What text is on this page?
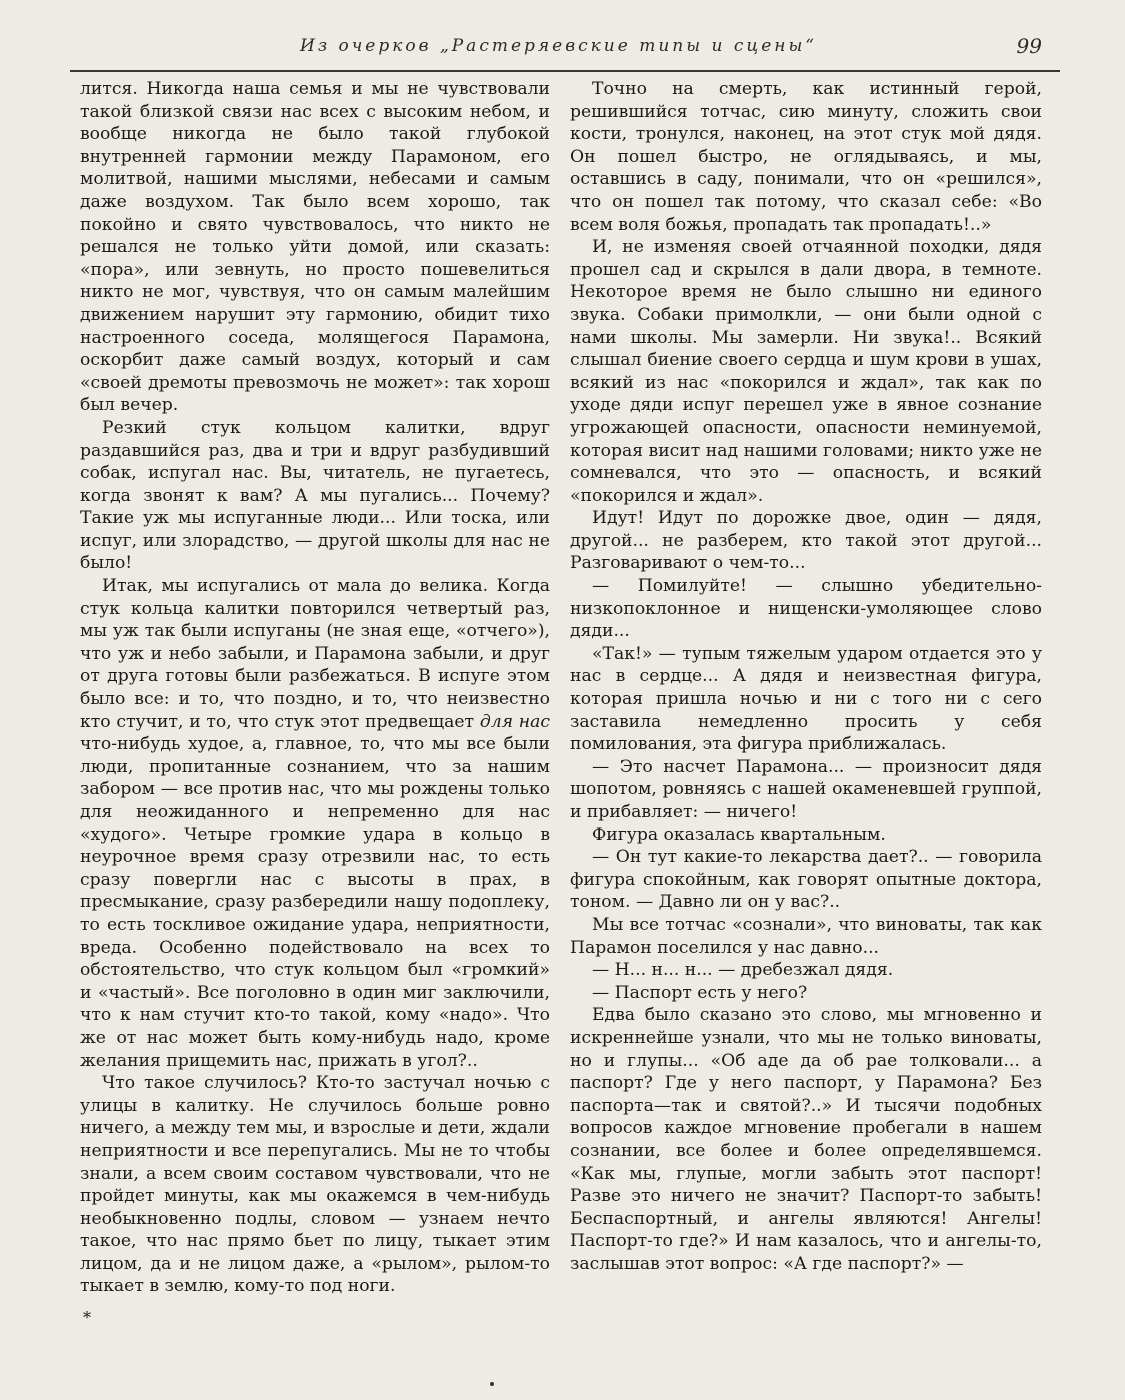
Из очерков „Растеряевские типы и сцены“	99

лится. Никогда наша семья и мы не чувствовали такой близкой связи нас всех с высоким небом, и вообще никогда не было такой глубокой внутренней гармонии между Парамоном, его молитвой, нашими мыслями, небесами и самым даже воздухом. Так было всем хорошо, так покойно и свято чувствовалось, что никто не решался не только уйти домой, или сказать: «пора», или зевнуть, но просто пошевелиться никто не мог, чувствуя, что он самым малейшим движением нарушит эту гармонию, обидит тихо настроенного соседа, молящегося Парамона, оскорбит даже самый воздух, который и сам «своей дремоты превозмочь не может»: так хорош был вечер.

Резкий стук кольцом калитки, вдруг раздавшийся раз, два и три и вдруг разбудивший собак, испугал нас. Вы, читатель, не пугаетесь, когда звонят к вам? А мы пугались... Почему? Такие уж мы испуганные люди... Или тоска, или испуг, или злорадство, — другой школы для нас не было!

Итак, мы испугались от мала до велика. Когда стук кольца калитки повторился четвертый раз, мы уж так были испуганы (не зная еще, «отчего»), что уж и небо забыли, и Парамона забыли, и друг от друга готовы были разбежаться. В испуге этом было все: и то, что поздно, и то, что неизвестно кто стучит, и то, что стук этот предвещает для нас что-нибудь худое, а, главное, то, что мы все были люди, пропитанные сознанием, что за нашим забором — все против нас, что мы рождены только для неожиданного и непременно для нас «худого». Четыре громкие удара в кольцо в неурочное время сразу отрезвили нас, то есть сразу повергли нас с высоты в прах, в пресмыкание, сразу разбередили нашу подоплеку, то есть тоскливое ожидание удара, неприятности, вреда. Особенно подействовало на всех то обстоятельство, что стук кольцом был «громкий» и «частый». Все поголовно в один миг заключили, что к нам стучит кто-то такой, кому «надо». Что же от нас может быть кому-нибудь надо, кроме желания прищемить нас, прижать в угол?..

Что такое случилось? Кто-то застучал ночью с улицы в калитку. Не случилось больше ровно ничего, а между тем мы, и взрослые и дети, ждали неприятности и все перепугались. Мы не то чтобы знали, а всем своим составом чувствовали, что не пройдет минуты, как мы окажемся в чем-нибудь необыкновенно подлы, словом — узнаем нечто такое, что нас прямо бьет по лицу, тыкает этим лицом, да и не лицом даже, а «рылом», рылом-то тыкает в землю, кому-то под ноги.

Точно на смерть, как истинный герой, решившийся тотчас, сию минуту, сложить свои кости, тронулся, наконец, на этот стук мой дядя. Он пошел быстро, не оглядываясь, и мы, оставшись в саду, понимали, что он «решился», что он пошел так потому, что сказал себе: «Во всем воля божья, пропадать так пропадать!..»

И, не изменяя своей отчаянной походки, дядя прошел сад и скрылся в дали двора, в темноте. Некоторое время не было слышно ни единого звука. Собаки примолкли, — они были одной с нами школы. Мы замерли. Ни звука!.. Всякий слышал биение своего сердца и шум крови в ушах, всякий из нас «покорился и ждал», так как по уходе дяди испуг перешел уже в явное сознание угрожающей опасности, опасности неминуемой, которая висит над нашими головами; никто уже не сомневался, что это — опасность, и всякий «покорился и ждал».

Идут! Идут по дорожке двое, один — дядя, другой... не разберем, кто такой этот другой... Разговаривают о чем-то...

— Помилуйте! — слышно убедительно-низкопоклонное и нищенски-умоляющее слово дяди...

«Так!» — тупым тяжелым ударом отдается это у нас в сердце... А дядя и неизвестная фигура, которая пришла ночью и ни с того ни с сего заставила немедленно просить у себя помилования, эта фигура приближалась.

— Это насчет Парамона... — произносит дядя шопотом, ровняясь с нашей окаменевшей группой, и прибавляет: — ничего!

Фигура оказалась квартальным.

— Он тут какие-то лекарства дает?.. — говорила фигура спокойным, как говорят опытные доктора, тоном. — Давно ли он у вас?..

Мы все тотчас «сознали», что виноваты, так как Парамон поселился у нас давно...

— Н... н... н... — дребезжал дядя.

— Паспорт есть у него?

Едва было сказано это слово, мы мгновенно и искреннейше узнали, что мы не только виноваты, но и глупы... «Об аде да об рае толковали... а паспорт? Где у него паспорт, у Парамона? Без паспорта—так и святой?..» И тысячи подобных вопросов каждое мгновение пробегали в нашем сознании, все более и более определявшемся. «Как мы, глупые, могли забыть этот паспорт! Разве это ничего не значит? Паспорт-то забыть! Беспаспортный, и ангелы являются! Ангелы! Паспорт-то где?» И нам казалось, что и ангелы-то, заслышав этот вопрос: «А где паспорт?» —

*
